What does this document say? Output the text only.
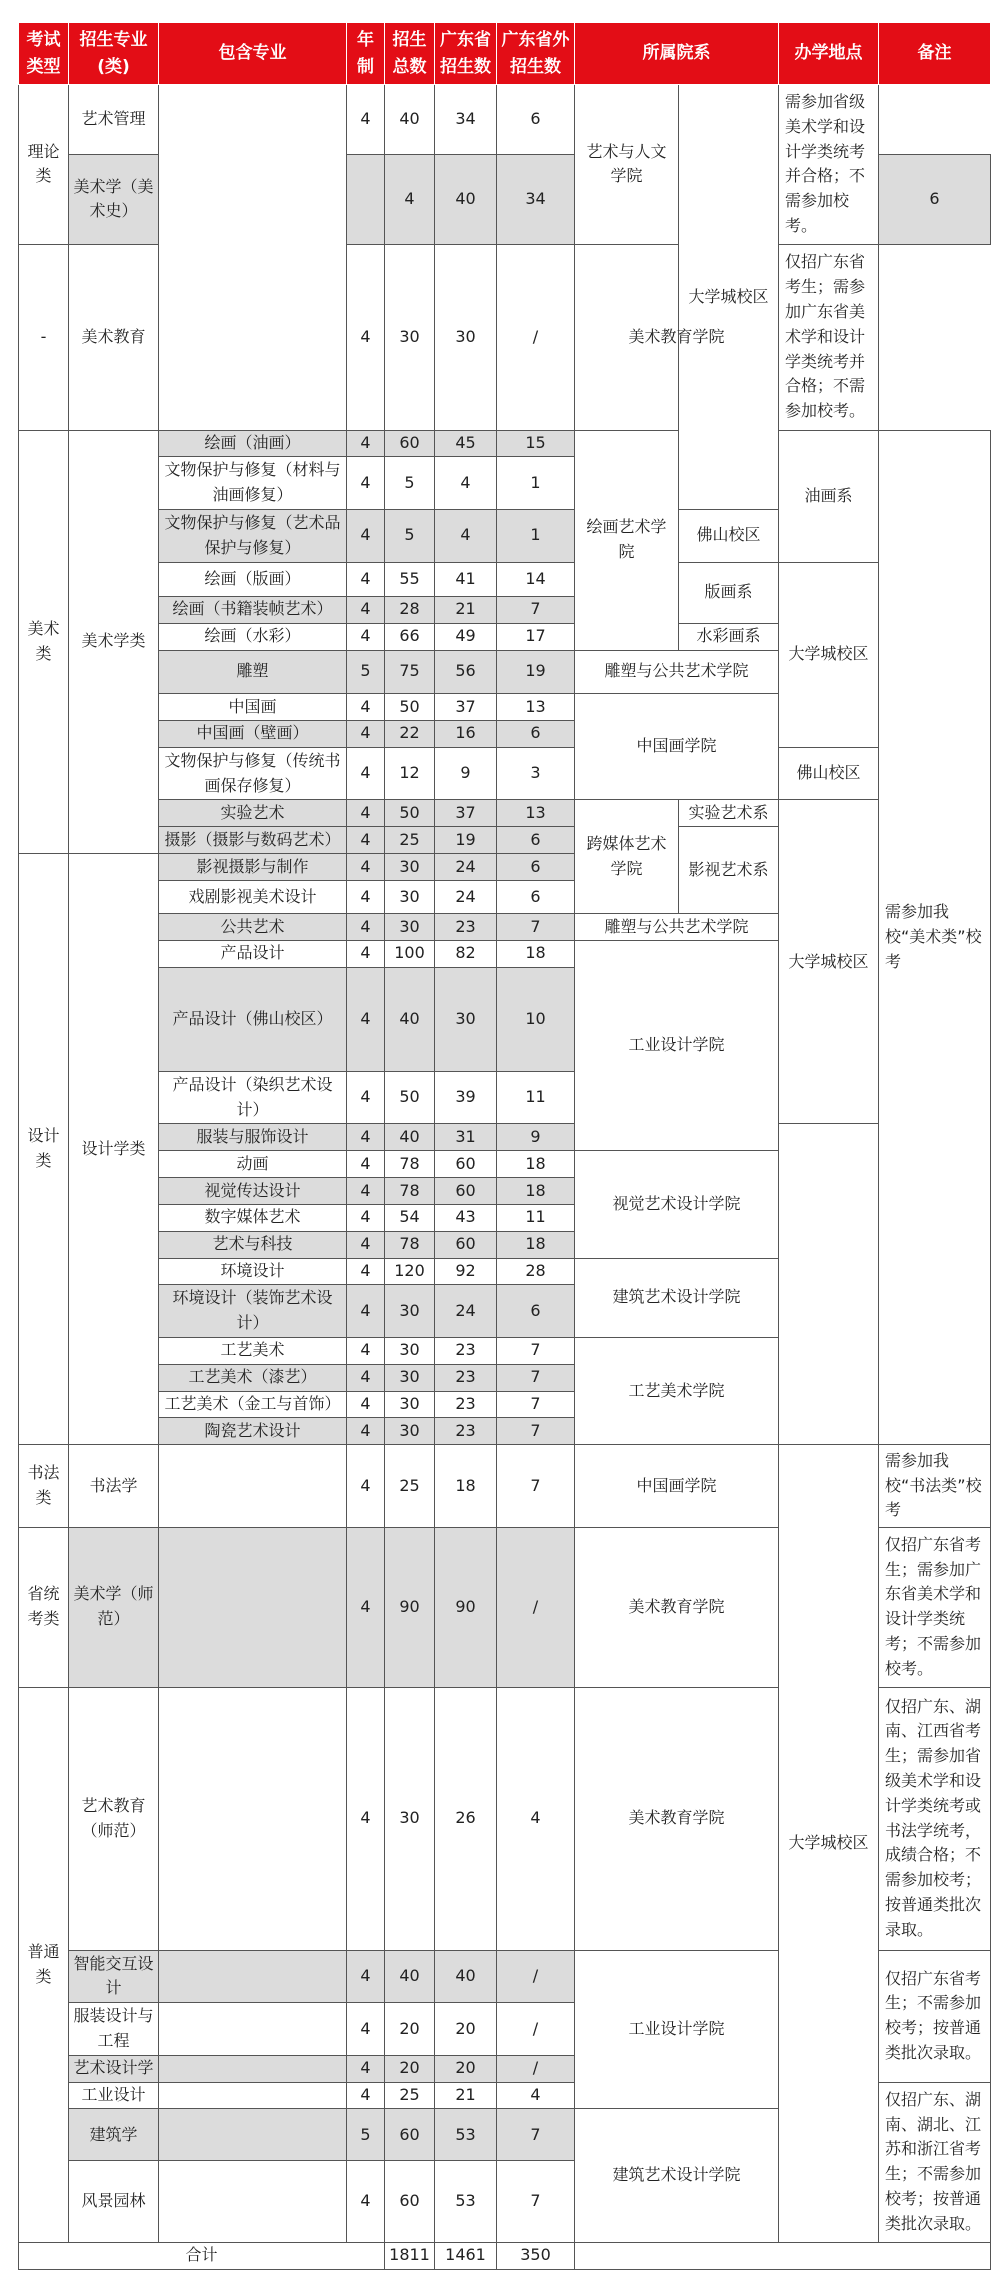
考试类型	招生专业(类)	包含专业	年制	招生总数	广东省招生数	广东省外招生数	所属院系		办学地点	备注	
理论类	艺术管理		4	40	34	6	艺术与人文学院	大学城校区	需参加省级美术学和设计学类统考并合格；不需参加校考。		
	美术学（美术史）			4	40	34				6	
-	美术教育		4	30	30	/	美术教育学院		仅招广东省考生；需参加广东省美术学和设计学类统考并合格；不需参加校考。		
美术类	美术学类	绘画（油画）	4	60	45	15	绘画艺术学院		油画系	需参加我校“美术类”校考	
		文物保护与修复（材料与油画修复）	4	5	4	1					
		文物保护与修复（艺术品保护与修复）	4	5	4	1		佛山校区			
		绘画（版画）	4	55	41	14		版画系	大学城校区		
		绘画（书籍装帧艺术）	4	28	21	7					
		绘画（水彩）	4	66	49	17		水彩画系			
		雕塑	5	75	56	19	雕塑与公共艺术学院				
		中国画	4	50	37	13	中国画学院				
		中国画（壁画）	4	22	16	6					
		文物保护与修复（传统书画保存修复）	4	12	9	3			佛山校区		
		实验艺术	4	50	37	13	跨媒体艺术学院	实验艺术系	大学城校区		
		摄影（摄影与数码艺术）	4	25	19	6		影视艺术系			
设计类	设计学类	影视摄影与制作	4	30	24	6					
		戏剧影视美术设计	4	30	24	6					
		公共艺术	4	30	23	7	雕塑与公共艺术学院				
		产品设计	4	100	82	18	工业设计学院				
		产品设计（佛山校区）	4	40	30	10	
		产品设计（染织艺术设计）	4	50	39	11	
		服装与服饰设计	4	40	31	9					
		动画	4	78	60	18	视觉艺术设计学院				
		视觉传达设计	4	78	60	18					
		数字媒体艺术	4	54	43	11					
		艺术与科技	4	78	60	18					
		环境设计	4	120	92	28	建筑艺术设计学院				
		环境设计（装饰艺术设计）	4	30	24	6					
		工艺美术	4	30	23	7	工艺美术学院				
		工艺美术（漆艺）	4	30	23	7					
		工艺美术（金工与首饰）	4	30	23	7					
		陶瓷艺术设计	4	30	23	7					
书法类	书法学		4	25	18	7	中国画学院		大学城校区	需参加我校“书法类”校考	
省统考类	美术学（师范）		4	90	90	/	美术教育学院			仅招广东省考生；需参加广东省美术学和设计学类统考；不需参加校考。	
普通类	艺术教育（师范）		4	30	26	4	美术教育学院			仅招广东、湖南、江西省考生；需参加省级美术学和设计学类统考或书法学统考，成绩合格；不需参加校考；按普通类批次录取。	
	智能交互设计		4	40	40	/	工业设计学院			仅招广东省考生；不需参加校考；按普通类批次录取。	
	服装设计与工程		4	20	20	/					
	艺术设计学		4	20	20	/					
	工业设计		4	25	21	4				仅招广东、湖南、湖北、江苏和浙江省考生；不需参加校考；按普通类批次录取。	
	建筑学		5	60	53	7	建筑艺术设计学院				
	风景园林		4	60	53	7					
合计				1811	1461	350					
